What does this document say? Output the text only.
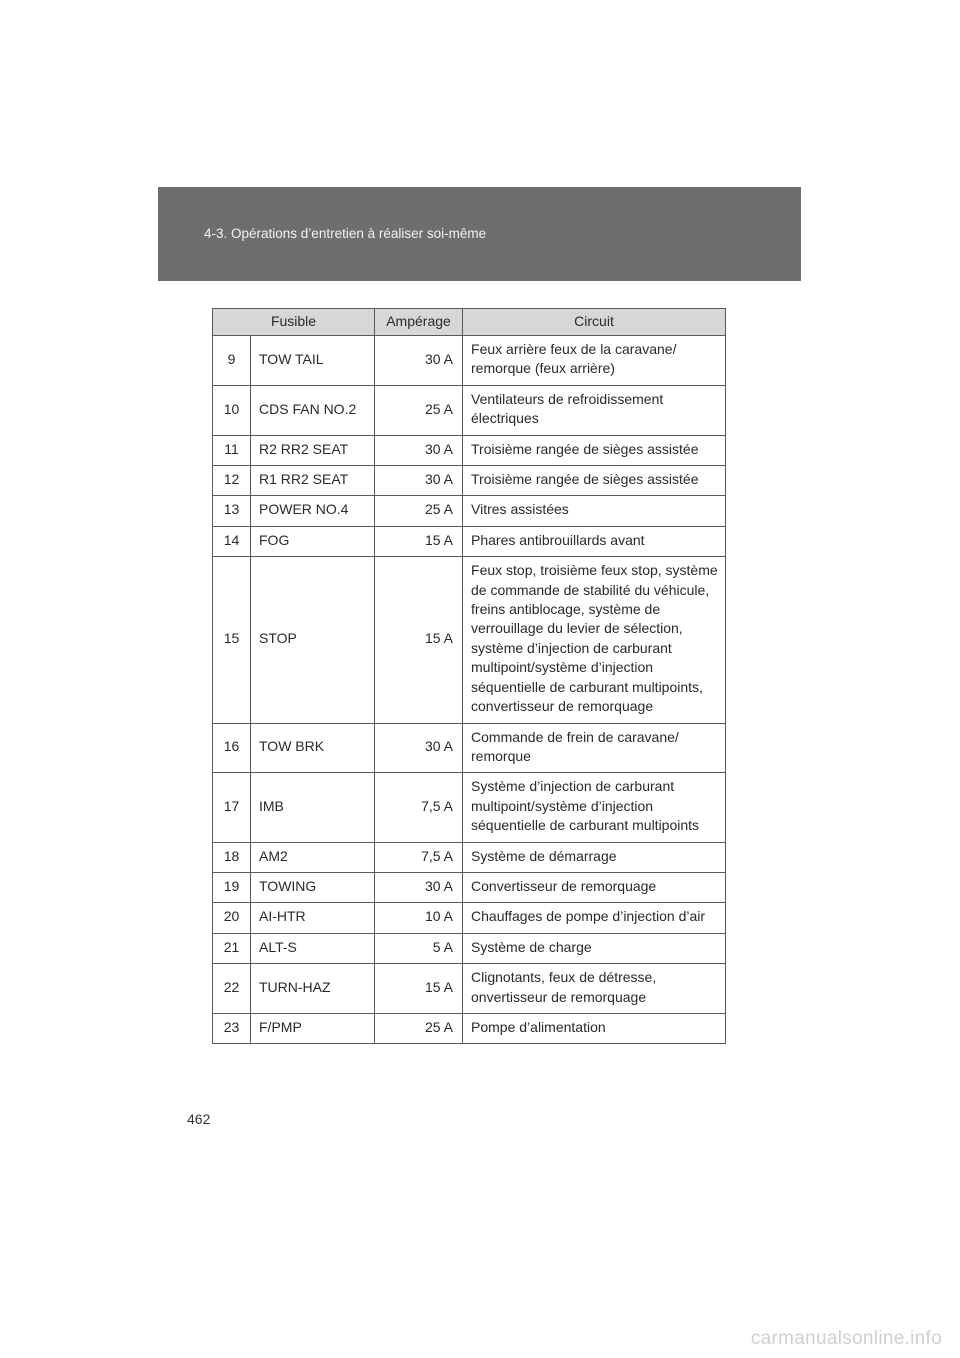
4-3. Opérations d’entretien à réaliser soi-même
Fusible		Ampérage	Circuit
9	TOW TAIL	30 A	Feux arrière feux de la caravane/ remorque (feux arrière)
10	CDS FAN NO.2	25 A	Ventilateurs de refroidissement électriques
11	R2 RR2 SEAT	30 A	Troisième rangée de sièges assistée
12	R1 RR2 SEAT	30 A	Troisième rangée de sièges assistée
13	POWER NO.4	25 A	Vitres assistées
14	FOG	15 A	Phares antibrouillards avant
15	STOP	15 A	Feux stop, troisième feux stop, système de commande de stabilité du véhicule, freins antiblocage, système de verrouillage du levier de sélection, système d’injection de carburant multipoint/système d’injection séquentielle de carburant multipoints, convertisseur de remorquage
16	TOW BRK	30 A	Commande de frein de caravane/ remorque
17	IMB	7,5 A	Système d’injection de carburant multipoint/système d’injection séquentielle de carburant multipoints
18	AM2	7,5 A	Système de démarrage
19	TOWING	30 A	Convertisseur de remorquage
20	AI-HTR	10 A	Chauffages de pompe d’injection d’air
21	ALT-S	5 A	Système de charge
22	TURN-HAZ	15 A	Clignotants, feux de détresse, onvertisseur de remorquage
23	F/PMP	25 A	Pompe d’alimentation
462
carmanualsonline.info
